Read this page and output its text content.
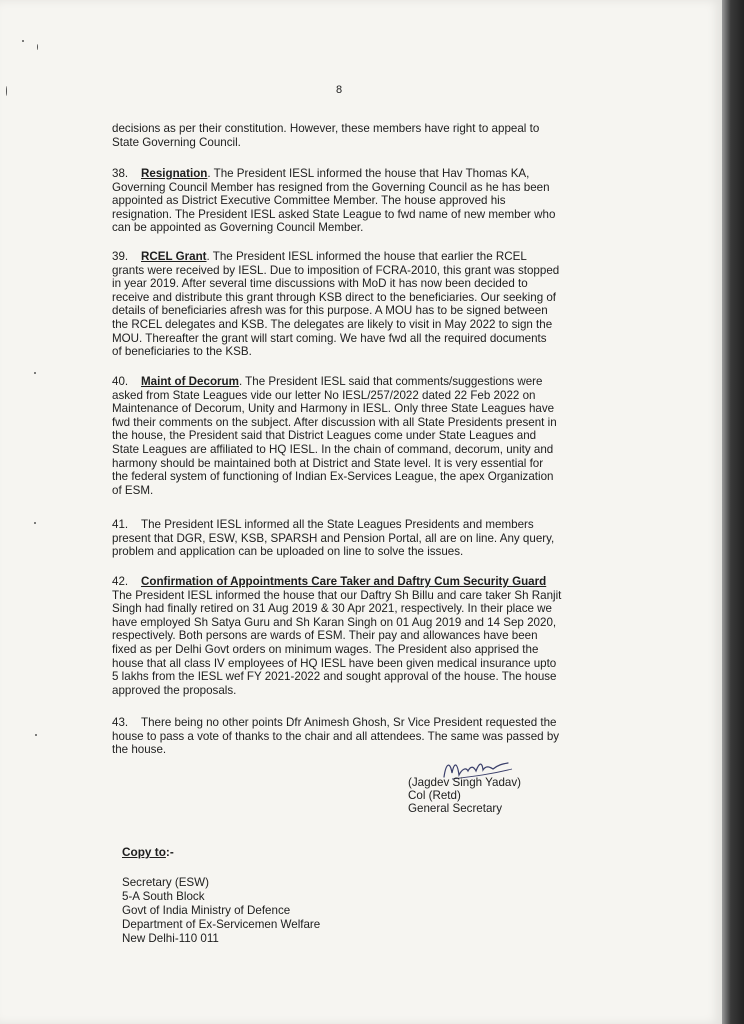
8

decisions as per their constitution. However, these members have right to appeal to
State Governing Council.

38. Resignation. The President IESL informed the house that Hav Thomas KA,
Governing Council Member has resigned from the Governing Council as he has been
appointed as District Executive Committee Member. The house approved his
resignation. The President IESL asked State League to fwd name of new member who
can be appointed as Governing Council Member.

39. RCEL Grant. The President IESL informed the house that earlier the RCEL
grants were received by IESL. Due to imposition of FCRA-2010, this grant was stopped
in year 2019. After several time discussions with MoD it has now been decided to
receive and distribute this grant through KSB direct to the beneficiaries. Our seeking of
details of beneficiaries afresh was for this purpose. A MOU has to be signed between
the RCEL delegates and KSB. The delegates are likely to visit in May 2022 to sign the
MOU. Thereafter the grant will start coming. We have fwd all the required documents
of beneficiaries to the KSB.

40. Maint of Decorum. The President IESL said that comments/suggestions were
asked from State Leagues vide our letter No IESL/257/2022 dated 22 Feb 2022 on
Maintenance of Decorum, Unity and Harmony in IESL. Only three State Leagues have
fwd their comments on the subject. After discussion with all State Presidents present in
the house, the President said that District Leagues come under State Leagues and
State Leagues are affiliated to HQ IESL. In the chain of command, decorum, unity and
harmony should be maintained both at District and State level. It is very essential for
the federal system of functioning of Indian Ex-Services League, the apex Organization
of ESM.

41. The President IESL informed all the State Leagues Presidents and members
present that DGR, ESW, KSB, SPARSH and Pension Portal, all are on line. Any query,
problem and application can be uploaded on line to solve the issues.

42. Confirmation of Appointments Care Taker and Daftry Cum Security Guard
The President IESL informed the house that our Daftry Sh Billu and care taker Sh Ranjit
Singh had finally retired on 31 Aug 2019 & 30 Apr 2021, respectively. In their place we
have employed Sh Satya Guru and Sh Karan Singh on 01 Aug 2019 and 14 Sep 2020,
respectively. Both persons are wards of ESM. Their pay and allowances have been
fixed as per Delhi Govt orders on minimum wages. The President also apprised the
house that all class IV employees of HQ IESL have been given medical insurance upto
5 lakhs from the IESL wef FY 2021-2022 and sought approval of the house. The house
approved the proposals.

43. There being no other points Dfr Animesh Ghosh, Sr Vice President requested the
house to pass a vote of thanks to the chair and all attendees. The same was passed by
the house.

(Jagdev Singh Yadav)
Col (Retd)
General Secretary
Copy to:-
Secretary (ESW)
5-A South Block
Govt of India Ministry of Defence
Department of Ex-Servicemen Welfare
New Delhi-110 011
